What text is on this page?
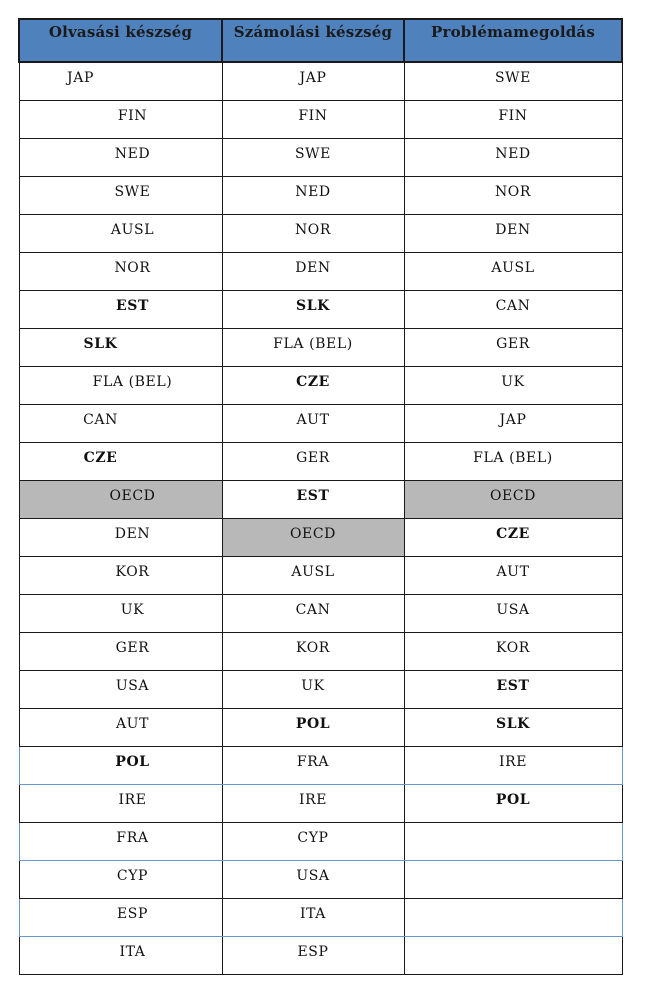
Olvasási készség	Számolási készség	Problémamegoldás
JAP	JAP	SWE
FIN	FIN	FIN
NED	SWE	NED
SWE	NED	NOR
AUSL	NOR	DEN
NOR	DEN	AUSL
EST	SLK	CAN
SLK	FLA (BEL)	GER
FLA (BEL)	CZE	UK
CAN	AUT	JAP
CZE	GER	FLA (BEL)
OECD	EST	OECD
DEN	OECD	CZE
KOR	AUSL	AUT
UK	CAN	USA
GER	KOR	KOR
USA	UK	EST
AUT	POL	SLK
POL	FRA	IRE
IRE	IRE	POL
FRA	CYP	
CYP	USA	
ESP	ITA	
ITA	ESP	
